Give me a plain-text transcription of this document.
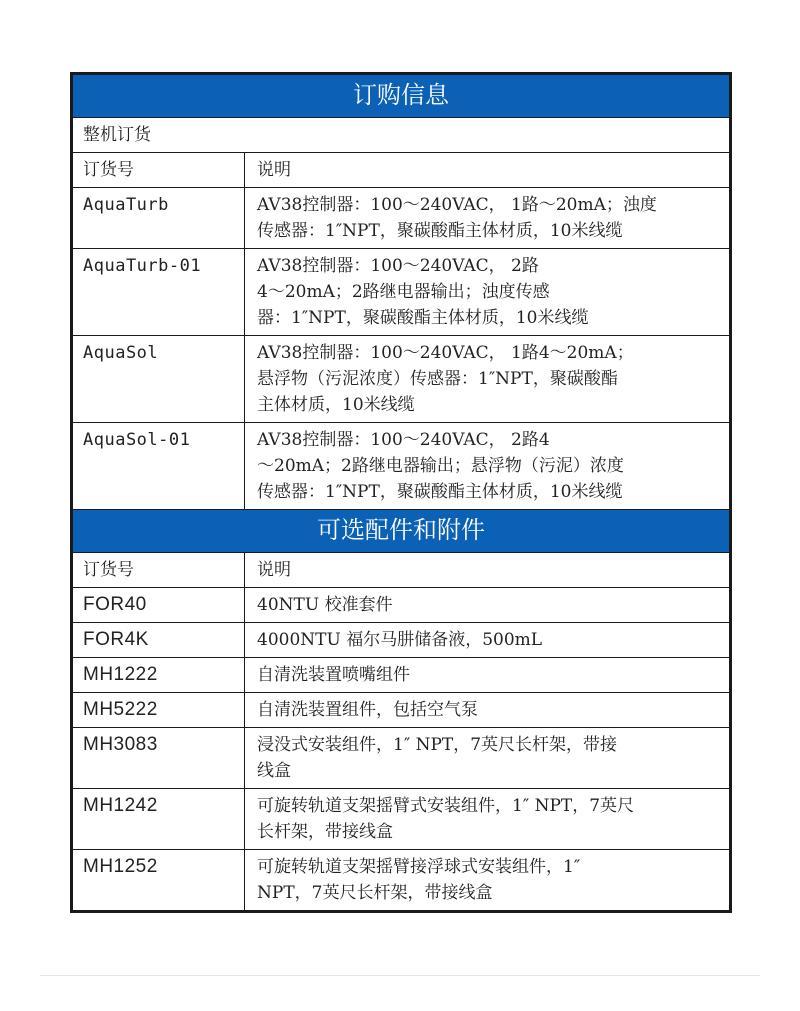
订购信息	
整机订货	
订货号	说明
AquaTurb	AV38控制器：100～240VAC， 1路～20mA；浊度
传感器：1″NPT，聚碳酸酯主体材质，10米线缆

AquaTurb-01	AV38控制器：100～240VAC， 2路
4～20mA；2路继电器输出；浊度传感
器：1″NPT，聚碳酸酯主体材质，10米线缆

AquaSol	AV38控制器：100～240VAC， 1路4～20mA；
悬浮物（污泥浓度）传感器：1″NPT，聚碳酸酯
主体材质，10米线缆

AquaSol-01	AV38控制器：100～240VAC， 2路4
～20mA；2路继电器输出；悬浮物（污泥）浓度
传感器：1″NPT，聚碳酸酯主体材质，10米线缆

可选配件和附件	
订货号	说明
FOR40	40NTU 校准套件

FOR4K	4000NTU 福尔马肼储备液，500mL

MH1222	自清洗装置喷嘴组件

MH5222	自清洗装置组件，包括空气泵

MH3083	浸没式安装组件，1″ NPT，7英尺长杆架，带接
线盒

MH1242	可旋转轨道支架摇臂式安装组件，1″ NPT，7英尺
长杆架，带接线盒

MH1252	可旋转轨道支架摇臂接浮球式安装组件，1″
NPT，7英尺长杆架，带接线盒
